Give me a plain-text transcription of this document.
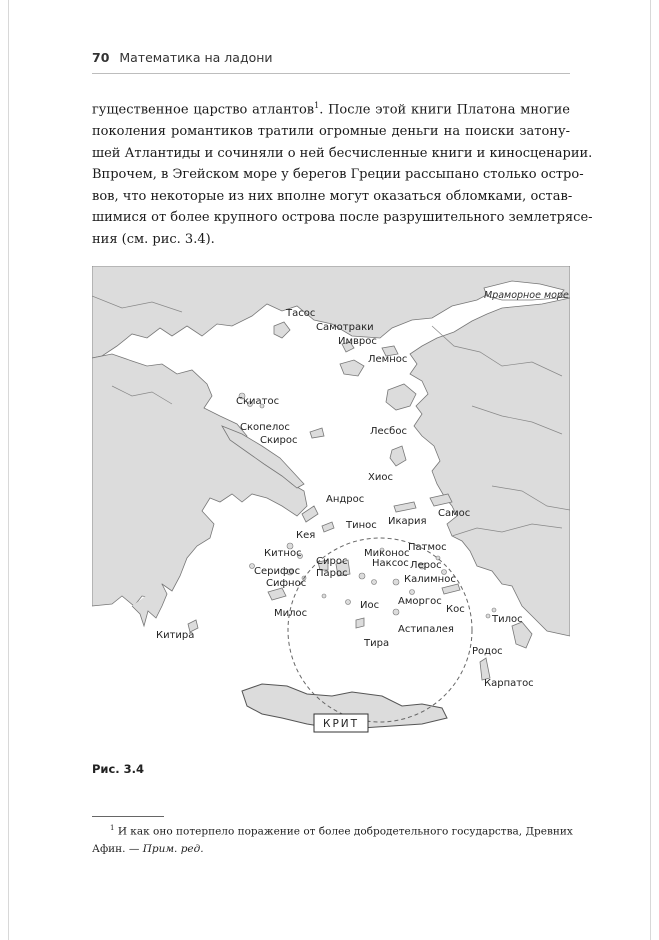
70 Математика на ладони
гущественное царство атлантов$^1$. После этой книги Платона многие
поколения романтиков тратили огромные деньги на поиски затону-
шей Атлантиды и сочиняли о ней бесчисленные книги и киносценарии.
Впрочем, в Эгейском море у берегов Греции рассыпано столько остро-
вов, что некоторые из них вполне могут оказаться обломками, остав-
шимися от более крупного острова после разрушительного землетрясе-
ния (см. рис. 3.4).
Мраморное море
Тасос
Самотраки
Имврос
Лемнос
Скиатос
Скопелос
Скирос
Лесбос
Хиос
Андрос
Икария
Самос
Кея
Тинос
Патмос
Китнос
Сирос
Миконос
Наксос
Серифос Парос
Лерос
Калимнос
Сифнос
Аморгос
Милос
Иос	Кос
Китира
Астипалея
Тилос
Тира
Родос
Карпатос
КРИТ
Рис. 3.4
$^1$ И как оно потерпело поражение от более добродетельного государства, Древних
Афин. — Прим. ред.
